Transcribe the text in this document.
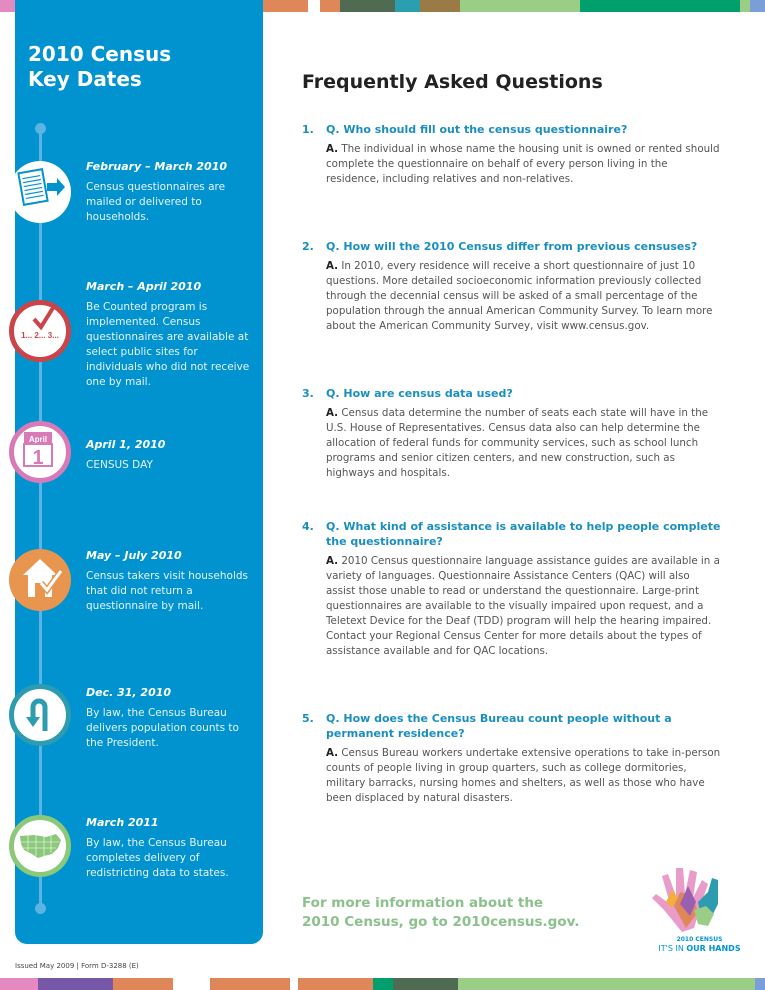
2010 Census
Key Dates
February – March 2010
Census questionnaires are mailed or delivered to households.
1... 2... 3...
March – April 2010
Be Counted program is implemented. Census questionnaires are available at select public sites for individuals who did not receive one by mail.
April
1
April 1, 2010
CENSUS DAY
May – July 2010
Census takers visit households that did not return a questionnaire by mail.
Dec. 31, 2010
By law, the Census Bureau delivers population counts to the President.
March 2011
By law, the Census Bureau completes delivery of redistricting data to states.
Frequently Asked Questions
1. Q. Who should fill out the census questionnaire?
A. The individual in whose name the housing unit is owned or rented should complete the questionnaire on behalf of every person living in the residence, including relatives and non-relatives.
2. Q. How will the 2010 Census differ from previous censuses?
A. In 2010, every residence will receive a short questionnaire of just 10 questions. More detailed socioeconomic information previously collected through the decennial census will be asked of a small percentage of the population through the annual American Community Survey. To learn more about the American Community Survey, visit www.census.gov.
3. Q. How are census data used?
A. Census data determine the number of seats each state will have in the U.S. House of Representatives. Census data also can help determine the allocation of federal funds for community services, such as school lunch programs and senior citizen centers, and new construction, such as highways and hospitals.
4. Q. What kind of assistance is available to help people complete the questionnaire?
A. 2010 Census questionnaire language assistance guides are available in a variety of languages. Questionnaire Assistance Centers (QAC) will also assist those unable to read or understand the questionnaire. Large-print questionnaires are available to the visually impaired upon request, and a Teletext Device for the Deaf (TDD) program will help the hearing impaired. Contact your Regional Census Center for more details about the types of assistance available and for QAC locations.
5. Q. How does the Census Bureau count people without a permanent residence?
A. Census Bureau workers undertake extensive operations to take in-person counts of people living in group quarters, such as college dormitories, military barracks, nursing homes and shelters, as well as those who have been displaced by natural disasters.
For more information about the
2010 Census, go to 2010census.gov.
2010 CENSUS
IT'S IN OUR HANDS
Issued May 2009 | Form D-3288 (E)
